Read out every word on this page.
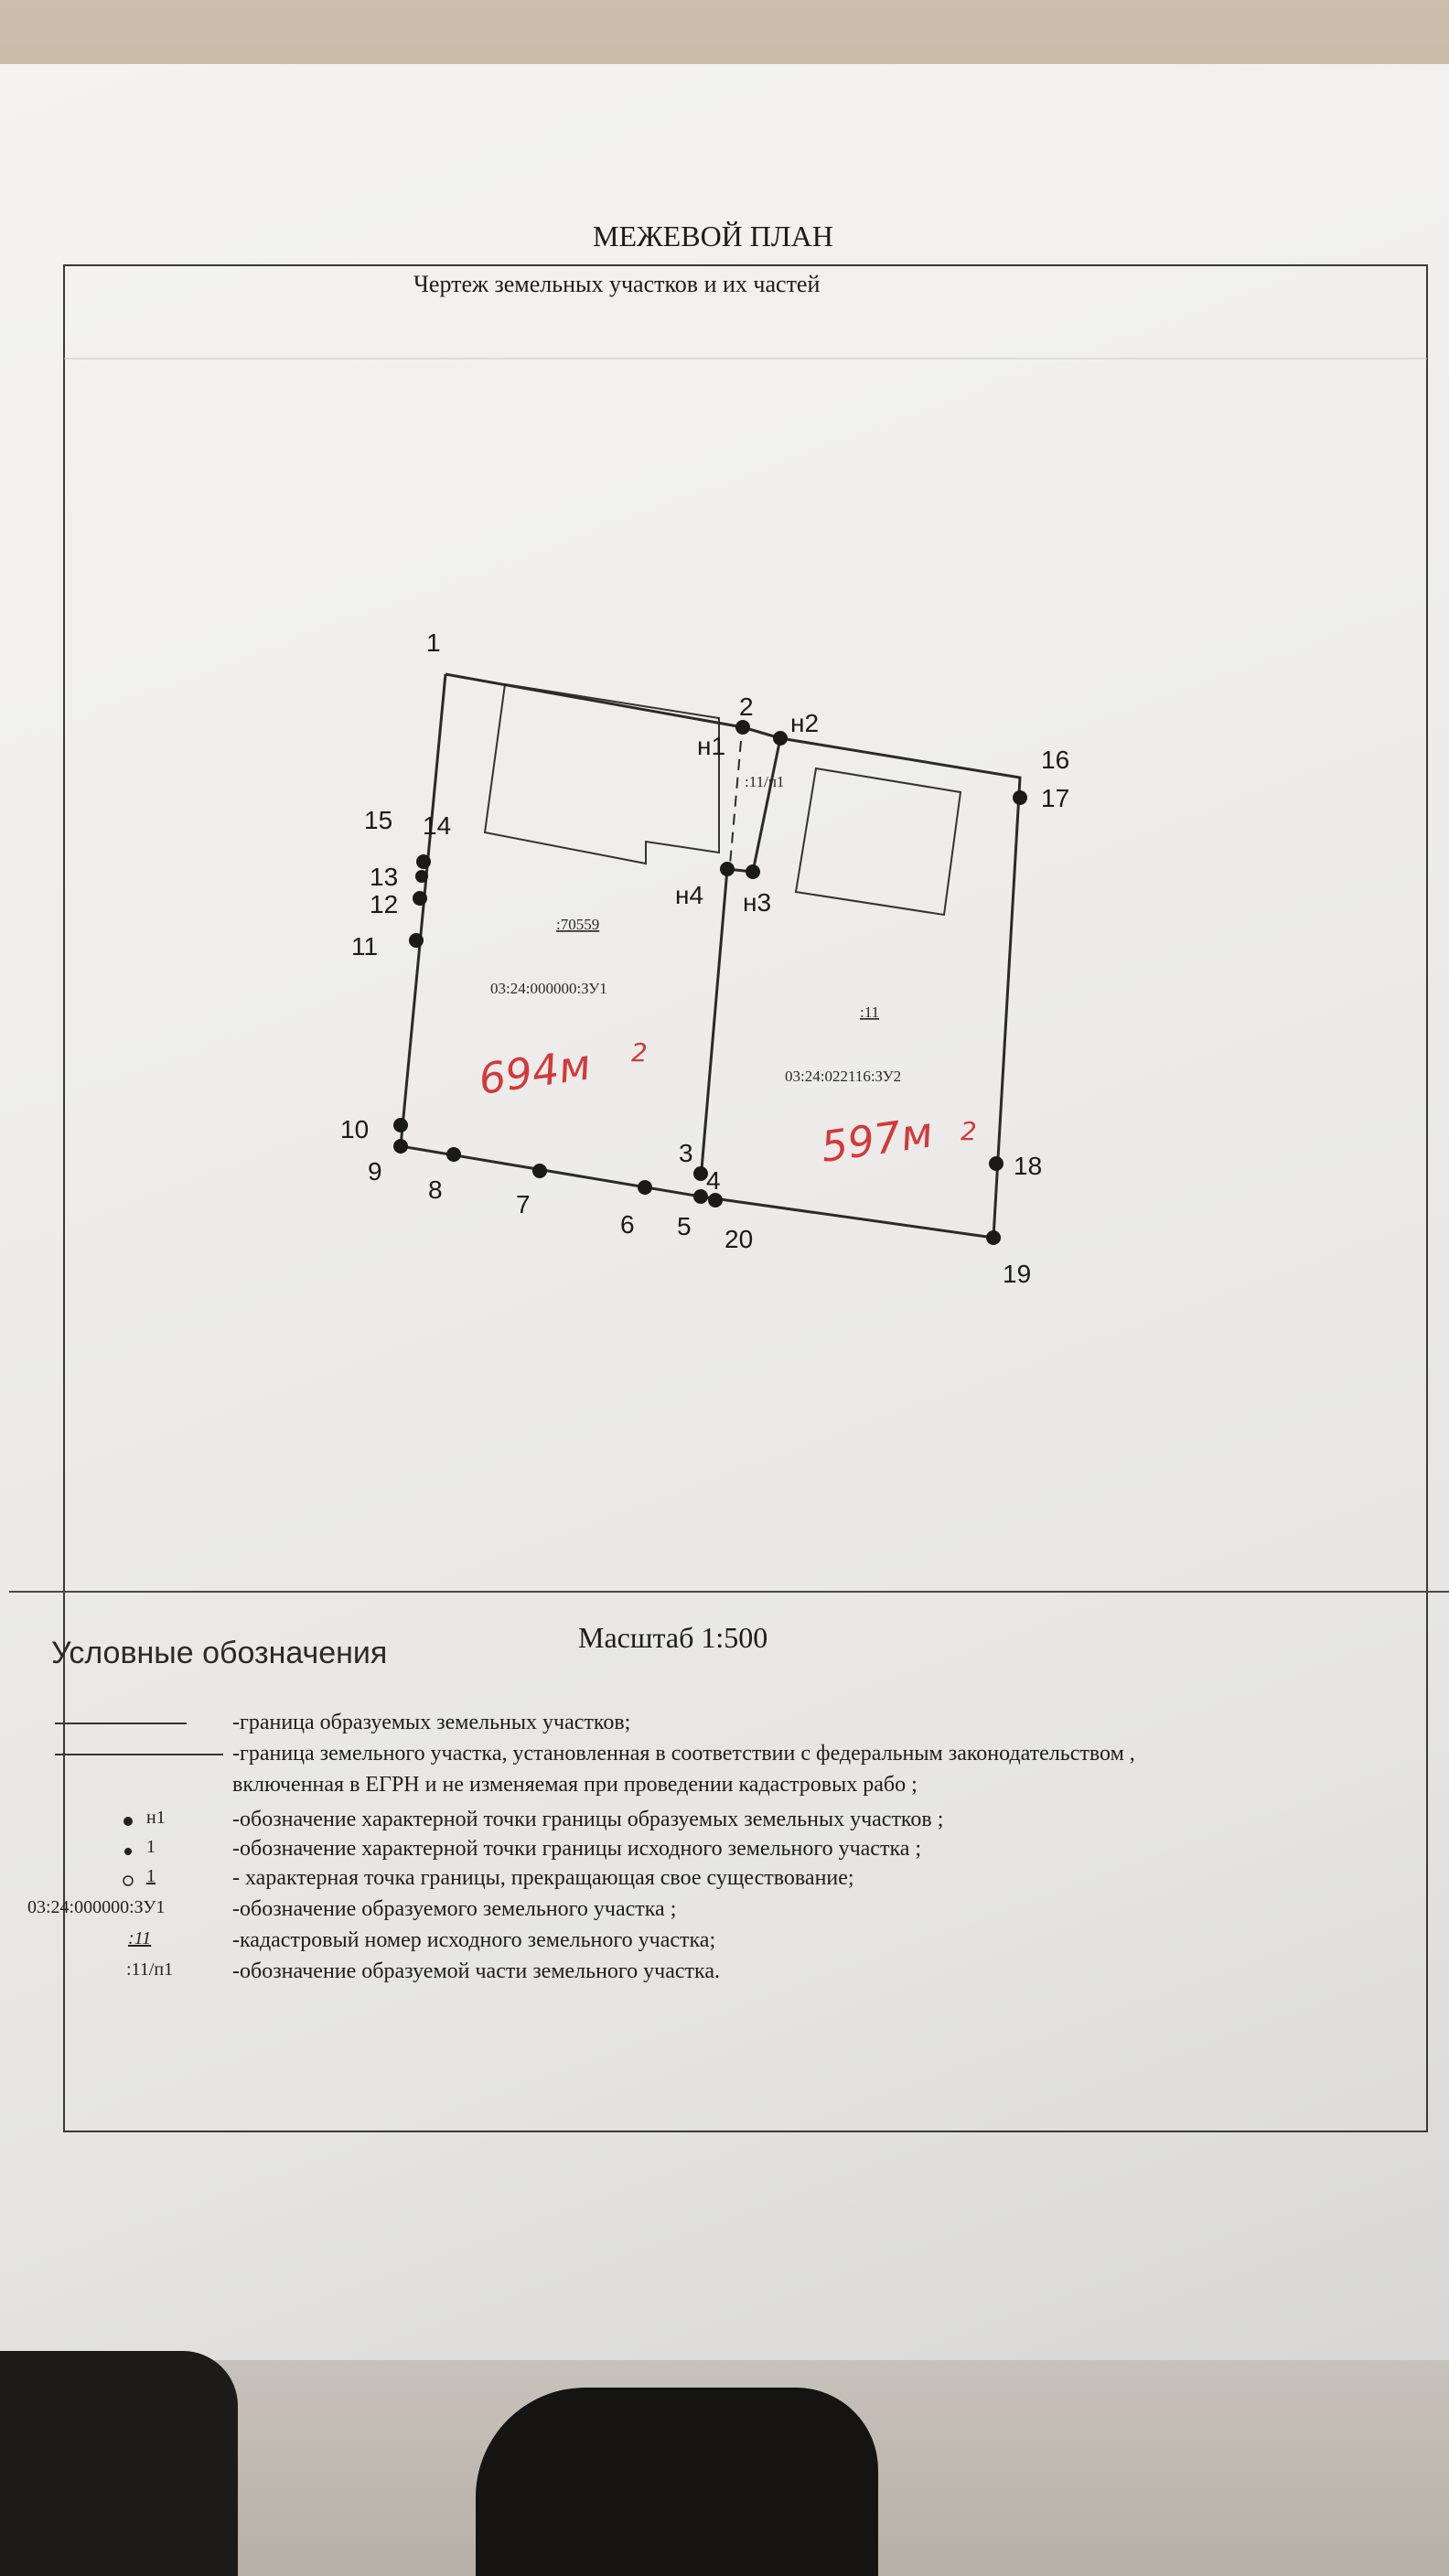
1
2
н1
н2
16
17
15 14
13
12
11
н4 н3
10
9
8
7
6
3
4
5 20
18
19
:11/п1
:70559
03:24:000000:ЗУ1
694м 2
:11
03:24:022116:ЗУ2
597м 2
МЕЖЕВОЙ ПЛАН
Чертеж земельных участков и их частей
Масштаб 1:500
Условные обозначения
-граница образуемых земельных участков;
-граница земельного участка, установленная в соответствии с федеральным законодательством ,
включенная в ЕГРН и не изменяемая при проведении кадастровых рабо ;
н1	-обозначение характерной точки границы образуемых земельных участков ;
1	-обозначение характерной точки границы исходного земельного участка ;
1	- характерная точка границы, прекращающая свое существование;
03:24:000000:ЗУ1	-обозначение образуемого земельного участка ;
:11	-кадастровый номер исходного земельного участка;
:11/п1	-обозначение образуемой части земельного участка.
